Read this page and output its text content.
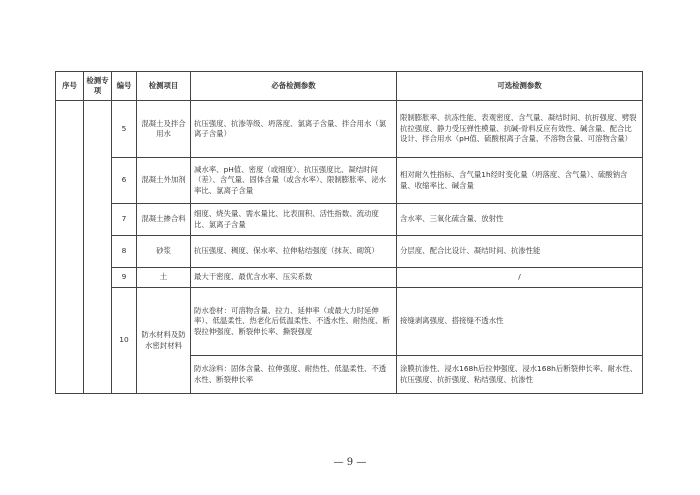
序号	检测专项	编号	检测项目	必备检测参数	可选检测参数
		5	混凝土及拌合用水	抗压强度、抗渗等级、坍落度、氯离子含量、拌合用水（氯离子含量）	限制膨胀率、抗冻性能、表观密度、含气量、凝结时间、抗折强度、劈裂抗拉强度、静力受压弹性模量、抗碱-骨料反应有效性、碱含量、配合比设计、拌合用水（pH值、硫酸根离子含量、不溶物含量、可溶物含量）
		6	混凝土外加剂	减水率、pH值、密度（或细度）、抗压强度比、凝结时间（差）、含气量、固体含量（或含水率）、限制膨胀率、泌水率比、氯离子含量	相对耐久性指标、含气量1h经时变化量（坍落度、含气量）、硫酸钠含量、收缩率比、碱含量
		7	混凝土掺合料	细度、烧失量、需水量比、比表面积、活性指数、流动度比、氯离子含量	含水率、三氧化硫含量、放射性
		8	砂浆	抗压强度、稠度、保水率、拉伸粘结强度（抹灰、砌筑）	分层度、配合比设计、凝结时间、抗渗性能
		9	土	最大干密度、最优含水率、压实系数	/
		10	防水材料及防水密封材料	防水卷材：可溶物含量、拉力、延伸率（或最大力时延伸率）、低温柔性、热老化后低温柔性、不透水性、耐热度、断裂拉伸强度、断裂伸长率、撕裂强度	接缝剥离强度、搭接缝不透水性
				防水涂料：固体含量、拉伸强度、耐热性、低温柔性、不透水性、断裂伸长率	涂膜抗渗性、浸水168h后拉伸强度、浸水168h后断裂伸长率、耐水性、抗压强度、抗折强度、粘结强度、抗渗性
— 9 —
